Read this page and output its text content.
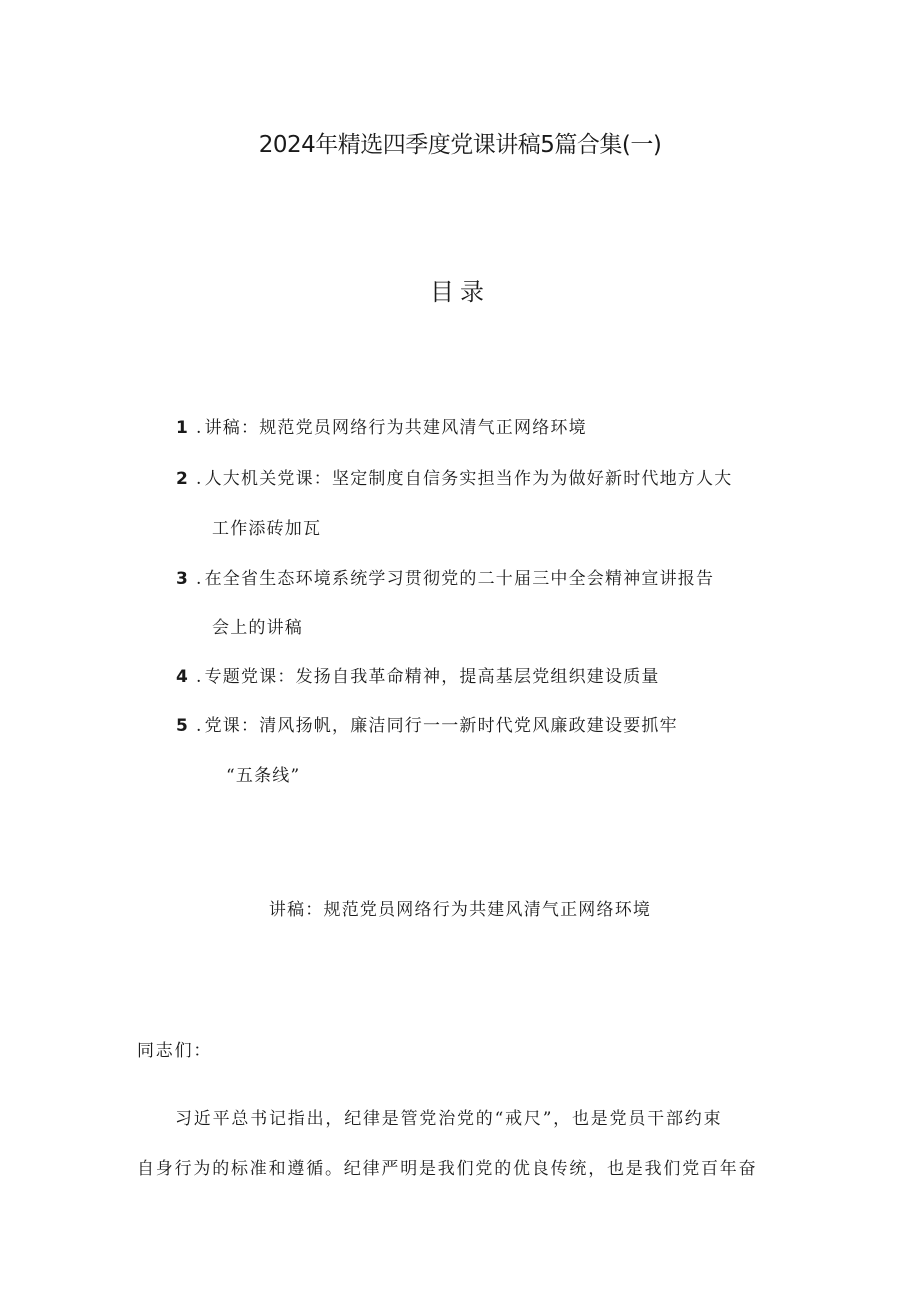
2024年精选四季度党课讲稿5篇合集(一)
目录
1 . 讲稿：规范党员网络行为共建风清气正网络环境
2 . 人大机关党课：坚定制度自信务实担当作为为做好新时代地方人大
工作添砖加瓦
3 . 在全省生态环境系统学习贯彻党的二十届三中全会精神宣讲报告
会上的讲稿
4 . 专题党课：发扬自我革命精神，提高基层党组织建设质量
5 . 党课：清风扬帆，廉洁同行一一新时代党风廉政建设要抓牢
“五条线”
讲稿：规范党员网络行为共建风清气正网络环境
同志们：
习近平总书记指出，纪律是管党治党的“戒尺”，也是党员干部约束
自身行为的标准和遵循。纪律严明是我们党的优良传统，也是我们党百年奋
